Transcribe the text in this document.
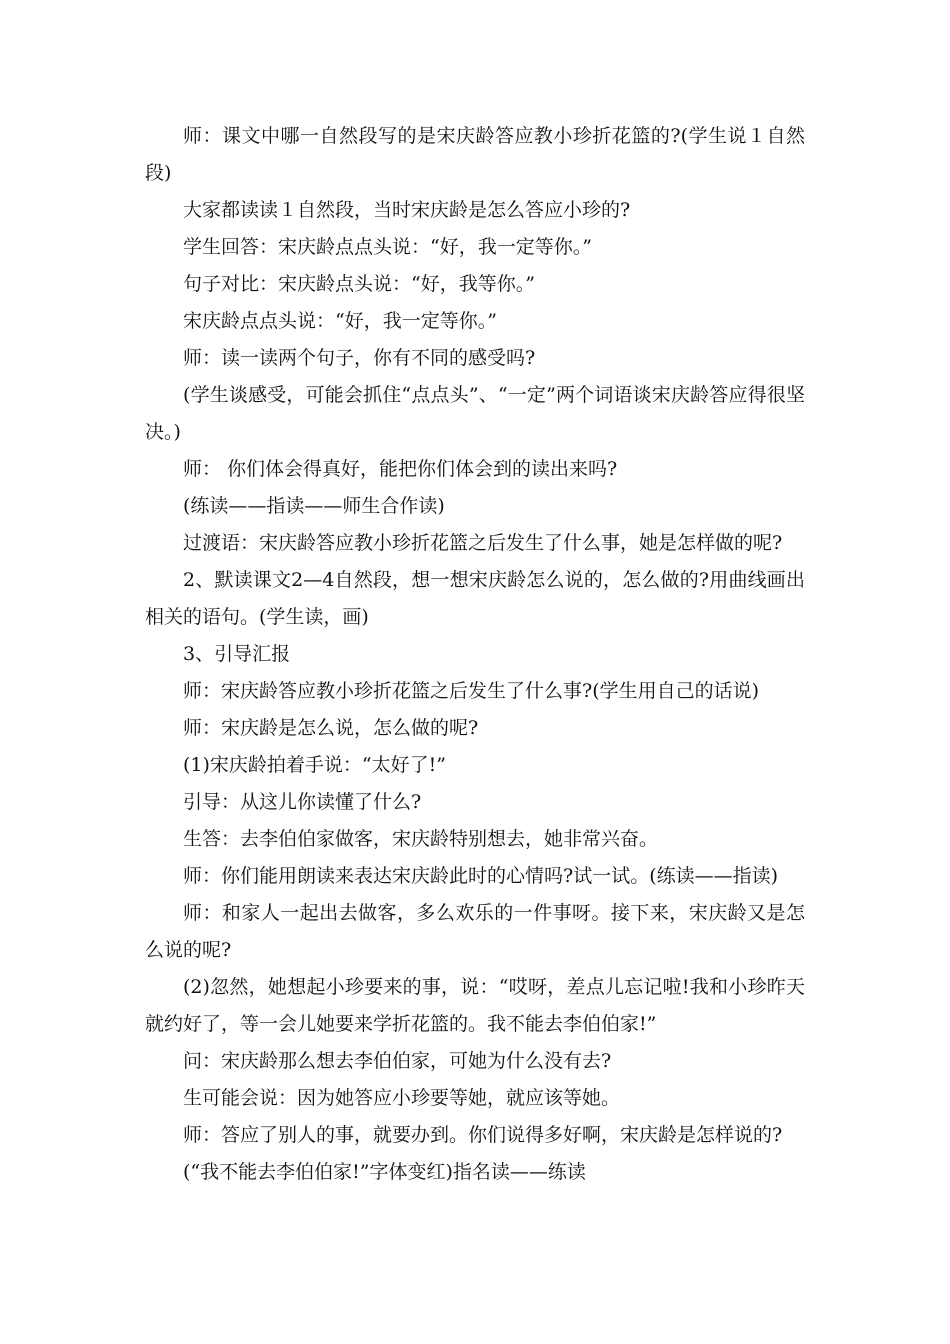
师：课文中哪一自然段写的是宋庆龄答应教小珍折花篮的?(学生说１自然段)

大家都读读１自然段，当时宋庆龄是怎么答应小珍的?

学生回答：宋庆龄点点头说：“好，我一定等你。”

句子对比：宋庆龄点头说：“好，我等你。”

宋庆龄点点头说：“好，我一定等你。”

师：读一读两个句子，你有不同的感受吗?

(学生谈感受，可能会抓住“点点头”、“一定”两个词语谈宋庆龄答应得很坚决。)

师： 你们体会得真好，能把你们体会到的读出来吗?

(练读——指读——师生合作读)

过渡语：宋庆龄答应教小珍折花篮之后发生了什么事，她是怎样做的呢?

2、默读课文2—4自然段，想一想宋庆龄怎么说的，怎么做的?用曲线画出相关的语句。(学生读，画)

3、引导汇报

师：宋庆龄答应教小珍折花篮之后发生了什么事?(学生用自己的话说)

师：宋庆龄是怎么说，怎么做的呢?

(1)宋庆龄拍着手说：“太好了!”

引导：从这儿你读懂了什么?

生答：去李伯伯家做客，宋庆龄特别想去，她非常兴奋。

师：你们能用朗读来表达宋庆龄此时的心情吗?试一试。(练读——指读)

师：和家人一起出去做客，多么欢乐的一件事呀。接下来，宋庆龄又是怎么说的呢?

(2)忽然，她想起小珍要来的事，说：“哎呀，差点儿忘记啦!我和小珍昨天就约好了，等一会儿她要来学折花篮的。我不能去李伯伯家!”

问：宋庆龄那么想去李伯伯家，可她为什么没有去?

生可能会说：因为她答应小珍要等她，就应该等她。

师：答应了别人的事，就要办到。你们说得多好啊，宋庆龄是怎样说的?

(“我不能去李伯伯家!”字体变红)指名读——练读
